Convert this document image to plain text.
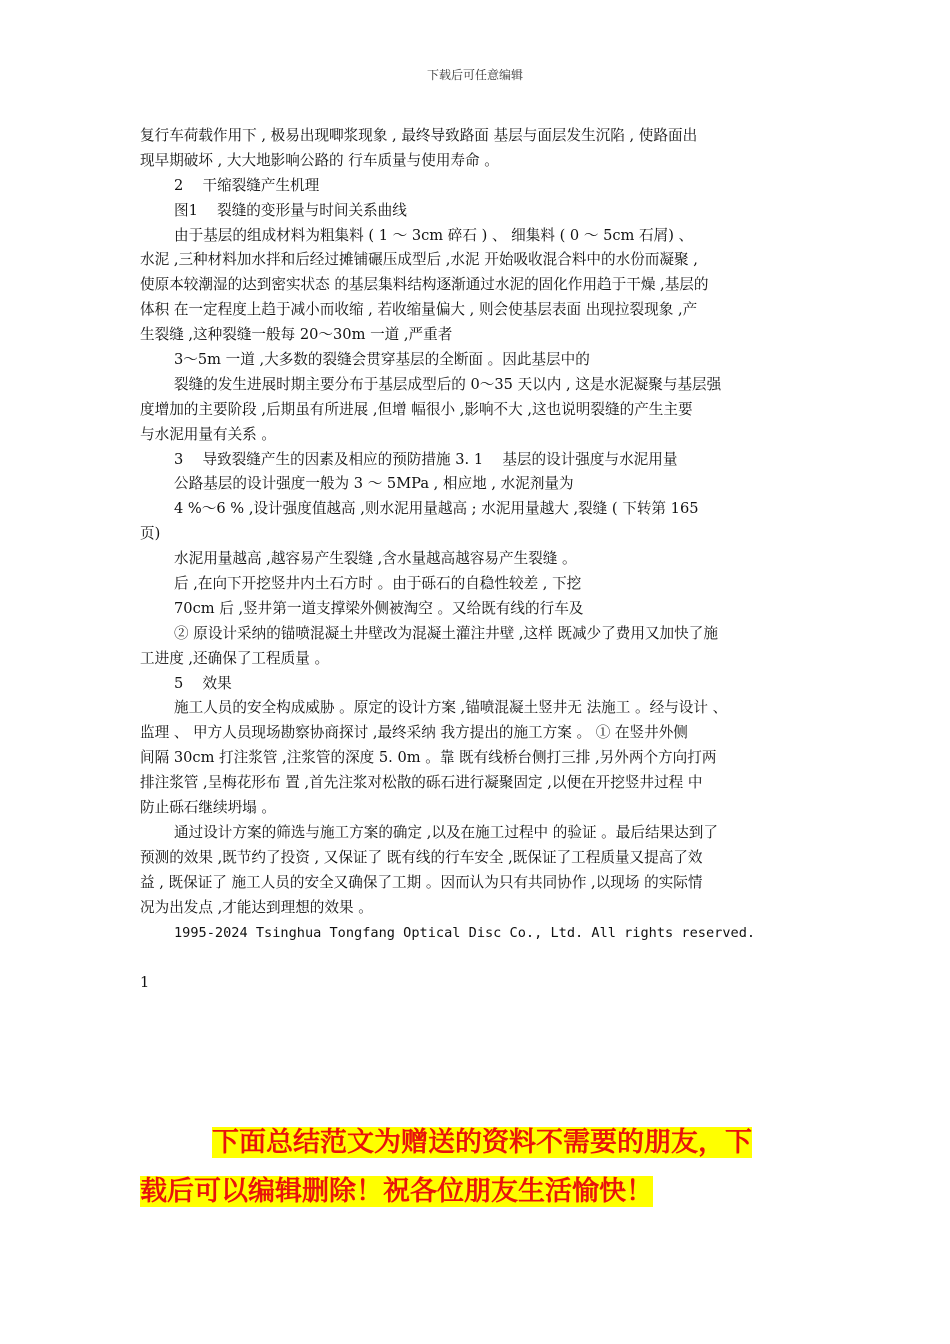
下载后可任意编辑
复行车荷载作用下 , 极易出现唧浆现象 , 最终导致路面 基层与面层发生沉陷 , 使路面出
现早期破坏 , 大大地影响公路的 行车质量与使用寿命 。
2 　干缩裂缝产生机理
图1 　裂缝的变形量与时间关系曲线
由于基层的组成材料为粗集料 ( 1 ～ 3cm 碎石 ) 、 细集料 ( 0 ～ 5cm 石屑) 、
水泥 ,三种材料加水拌和后经过摊铺碾压成型后 ,水泥 开始吸收混合料中的水份而凝聚 ,
使原本较潮湿的达到密实状态 的基层集料结构逐渐通过水泥的固化作用趋于干燥 ,基层的
体积 在一定程度上趋于减小而收缩 , 若收缩量偏大 , 则会使基层表面 出现拉裂现象 ,产
生裂缝 ,这种裂缝一般每 20～30m 一道 ,严重者
3～5m 一道 ,大多数的裂缝会贯穿基层的全断面 。因此基层中的
裂缝的发生进展时期主要分布于基层成型后的 0～35 天以内 , 这是水泥凝聚与基层强
度增加的主要阶段 ,后期虽有所进展 ,但增 幅很小 ,影响不大 ,这也说明裂缝的产生主要
与水泥用量有关系 。
3 　导致裂缝产生的因素及相应的预防措施 3. 1 　基层的设计强度与水泥用量
公路基层的设计强度一般为 3 ～ 5MPa , 相应地 , 水泥剂量为
4 %～6 % ,设计强度值越高 ,则水泥用量越高 ; 水泥用量越大 ,裂缝 ( 下转第 165
页)
水泥用量越高 ,越容易产生裂缝 ,含水量越高越容易产生裂缝 。
后 ,在向下开挖竖井内土石方时 。由于砾石的自稳性较差 , 下挖
70cm 后 ,竖井第一道支撑梁外侧被淘空 。又给既有线的行车及
② 原设计采纳的锚喷混凝土井壁改为混凝土灌注井壁 ,这样 既减少了费用又加快了施
工进度 ,还确保了工程质量 。
5 　效果
施工人员的安全构成威胁 。原定的设计方案 ,锚喷混凝土竖井无 法施工 。经与设计 、
监理 、 甲方人员现场勘察协商探讨 ,最终采纳 我方提出的施工方案 。 ① 在竖井外侧
间隔 30cm 打注浆管 ,注浆管的深度 5. 0m 。靠 既有线桥台侧打三排 ,另外两个方向打两
排注浆管 ,呈梅花形布 置 ,首先注浆对松散的砾石进行凝聚固定 ,以便在开挖竖井过程 中
防止砾石继续坍塌 。
通过设计方案的筛选与施工方案的确定 ,以及在施工过程中 的验证 。最后结果达到了
预测的效果 ,既节约了投资 , 又保证了 既有线的行车安全 ,既保证了工程质量又提高了效
益 , 既保证了 施工人员的安全又确保了工期 。因而认为只有共同协作 ,以现场 的实际情
况为出发点 ,才能达到理想的效果 。
1995-2024 Tsinghua Tongfang Optical Disc Co., Ltd. All rights reserved.
1
下面总结范文为赠送的资料不需要的朋友，下
载后可以编辑删除！祝各位朋友生活愉快！
